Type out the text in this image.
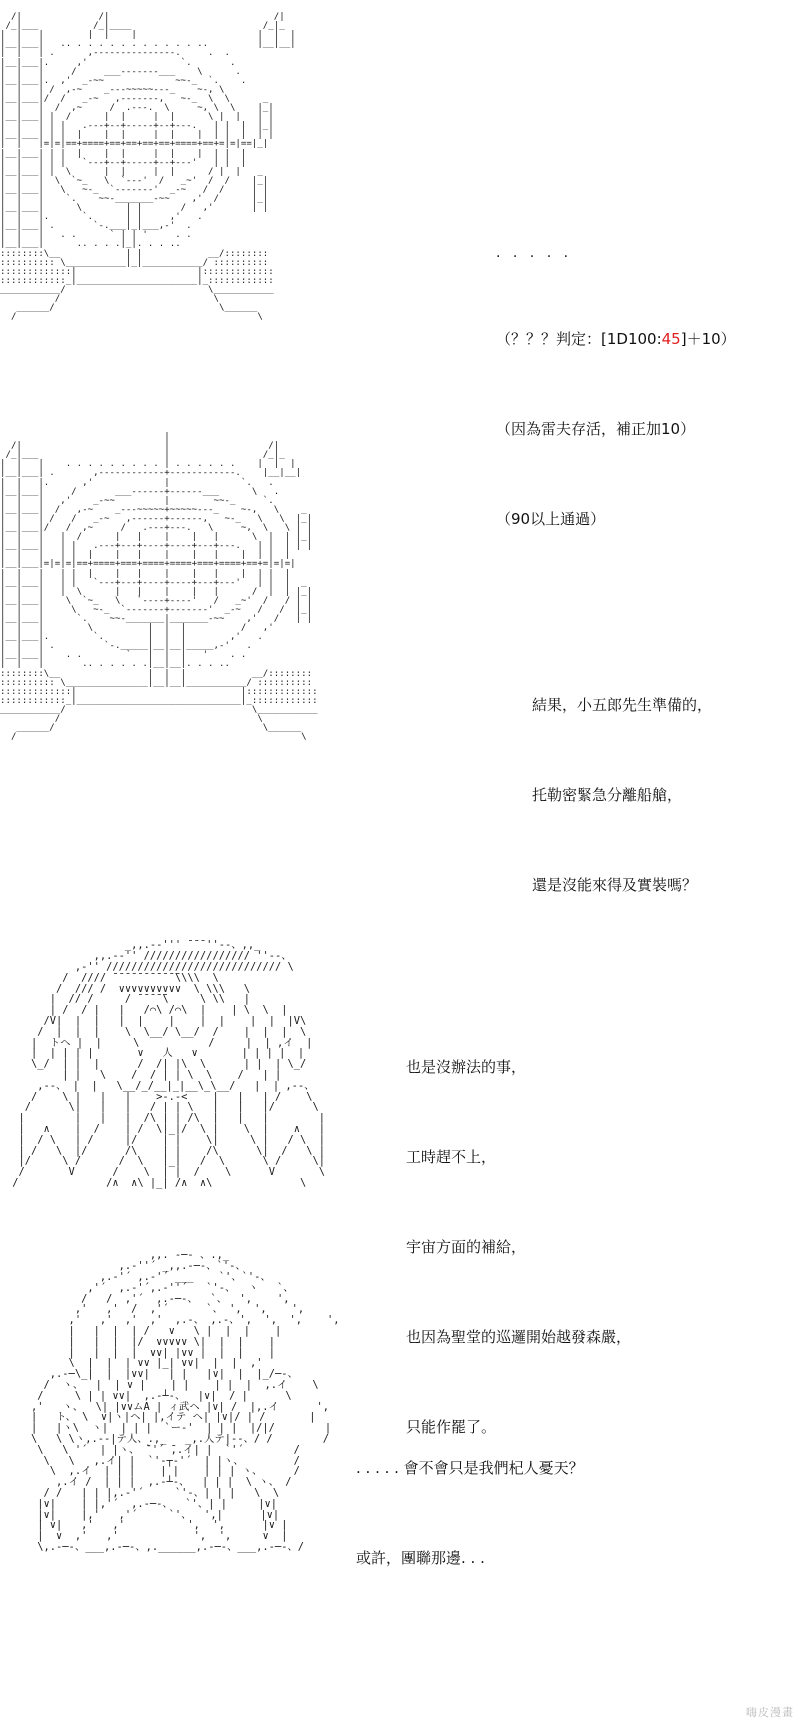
/|              /|                              /|
/_|___          /_|____                        /_|_
|  |   |        |  |    |                      |  |  |
|__|___|   .. . . . . . . . . . . . ..         |__|__|
|  |   | .      ,---------------.     .  .
|__|___|.     ,'                 `.       .
|  |   |     /     ___-------___    \      .
|__|___|.  ,'  _-~~             ~~-_  `.    .
|  |   | /  ,-~    _---~~~~~---_    ~-, \
|__|___|/  /   _-~   ,-------,   ~-_  \  \      _
|  |   |  /  ,~     /  .---.  \     ~, \  \    |_|
|__|___| |  /      |  |     |  |      \ |  |   | |
|  |   | | |   .---+--+-----+--+---.   | |  |  |_|
|__|___| | |  |    |  |     |  |    |  | |  |  | |
|  |   |=|=|==+====+==+==+==+==+====+==+=|=|==|_|
|__|___| | |  |    |  |     |  |    |  | |  |
|  |   | | |   `---+--+-----+--+---'   | |  |
|__|___| |  \      |  |     |  |      / |  |   _
|  |   |  \  `~_   \  `---'  /   _~'  /  /    |_|
|__|___|   \   ~-_  `-------'  _-~   /  /     | |
|  |   |    `.    ~~-_______-~~    ,'  /      |_|
|__|___|      \        | |       /   ,'       | |
|  |   |.      `.      | |     ,'   .
|__|___| .       `-.___|_|___,-'  .
|  |   |   . .      ` | | '     . .
|__|___|      .. . . .|_|. . . ..
::::::::\__            | |            __/::::::::
:::::::::: \___________|_|___________/ ::::::::::
:::::::::::::|                      |:::::::::::::
::::::::::::_|______________________|_::::::::::::
___________/                          \___________
/                            \
______/                              \______
/                                            \

. . . . .

（？？？判定：[1D100:45]＋10）

（因為雷夫存活，補正加10）

（90以上通過）

|
/|                          |                  /|
/_|___                       |                 /_|_
|  |   |    . . . . . . . . . | . . . . . .    |  |  |
|__|___| .       ,------------+------------.    |__|__|
|  |   |.      ,'             |             `.   .
|__|___|     /       ___------+------___      \   .
|  |   |   ,'    _-~~         |        ~~-_     `.
|__|___|  /   ,-~    _---~~~~~+~~~~~---_    ~-,   \    _
|  |   | /   /   _-~   ,------+------,   ~-_   \   \  |_|
|__|___|/   /  ,~     /   .---+---.   \     ~,  \   \ | |
|  |   |   |  /      |   |    |    |   |      \  |  | |_|
|__|___|   | |   .---+---+----+----+---+---.   | |  | | |
|  |   |   | |  |    |   |    |    |   |    |  | |  |
|__|___|=|=|=|==+====+===+====+====+===+====+==+=|=|=|
|  |   |   | |  |    |   |    |    |   |    |  | |  |
|__|___|   | |   `---+---+----+----+---+---'   | |  |  _
|  |   |   |  \      |   |    |    |   |      /  |  | |_|
|__|___|    \  `~_   \   `----+----'   /   _~'  /   / | |
|  |   |     \   ~-_  `-------+-------'  _-~   /   /  |_|
|__|___|      `.    ~~-_______|_______-~~    ,'   /   | |
|  |   |        \          |  |  |          /   ,'
|__|___|.        `.        |  |  |        ,'   .
|  |   | .         `-._____|__|__|_____,-'   .
|__|___|    . .        `   |  |  |   '    . .
|  |   |       .. . . . . .|__|__|. . . ..
::::::::\__                |  |  |            __/::::::::
:::::::::: \_______________|__|__|___________/ ::::::::::
:::::::::::::|                              |:::::::::::::
::::::::::::_|______________________________|_::::::::::::
___________/                                  \___________
/                                    \
______/                                      \______
/                                                    \

結果，小五郎先生準備的，

托勒密緊急分離船艙，

還是沒能來得及實裝嗎？

_,,.-‐''' ̄ ̄ ̄ ''‐-、,,_
,,.-‐'' ///////////////// ''‐-、
,‐'' //////////////////////////// \
/  //// ̄ ̄ ̄ ̄ ̄ ̄ ̄ ̄ ̄ ̄ ̄\\\\  \
/  /// /  ∨∨∨∨∨∨∨∨∨∨  \ \\\   \
|  // /     / ̄ ̄ ̄ ̄ ̄\     \ \\   |
| /  / |   |   /⌒\ /⌒\  |    | \  \  |
/V|  |  |   |  |    |    |  |    |  |  |V\
/  |  |  |    \  \__/ \__/  /    |  |  |  \
|  トヘ |  |     \           /     |  | ,イ  |
|  | | | |       ∨   人   ∨       | | | |  |
\_/  | |  |      /  /| |\  \      | |  | \_/
| |   \    /  / | | \  \    /   | |
,‐-、 |  |   \__/_/__|_|__\_\__/   |  | ,‐-、
/    \ |   |   |    >-.-<    |   |   | /    \
/      \|   |   |   / | | \   |   |   |/      \
|        |   |   |  /\ | | /\  |   |   |        |
|   ∧    |  /    | /  \|_|/  \ |    \  |    ∧   |
|  / \   | /     |/    | |    \|     \ |   / \  |
| /   \  |/      /\    | |    /\      \|  /   \ |
|/     \ /      /  \   |_|   /  \      \ /     \|
/       V      /    \  | |  /    \      V       \
/              /∧  ∧\ |_| /∧  ∧\              \

也是沒辦法的事，

工時趕不上，

宇宙方面的補給，

也因為聖堂的巡邏開始越發森嚴，

只能作罷了。

,,. -─- 、.,_
,.‐''´ _,,.-─-、`'‐、
,.‐'´ ,.‐'´ ___    `'、`'‐、
,'´  ,.‐'´,.-''´   `'-、  ヽ   `、
/   /  ,'´  ,.-─-、  `、  ',    ',
,'   ,'  /  ,'´      `、 ',  ',    ',
,'   ,'  ,'  ,'  ,.-、 ,.-、',  ',  ',    ',
|   |  |  | /   ∨   \ |  |  |    |
|   |  |  |/  ∨∨∨∨∨ \|  |  |    |
|   |  |  |  ∨∨| |∨∨ |  |  |    |
\  |  |  | ∨∨ |_| ∨∨|  |  |  ,'
,.-─\_|  |  |∨∨|   | |   |∨|  |  |_/─-、
/  ヽ、  |  | ∨ |    | |    | |  |  ,.イ    \
/     \ | | ∨∨|  ,.-┴-、  |∨|  / |      \
,'   ヽ、  \| |∨∨ムA | ィ武ヘ |∨| /  |,.イ      ',
|   ト、 \  ∨|ヽ|ヘ| |,イテ ヘ| |∨|/ | /       |
|   |ヽ\  ヽ|  | | |  `ー‐'  | | |  |/|/        |
\   \ \ヽ,.-‐|テ人、.,_   _,.人テ|‐-、/ /        /
\   \ '´  | |ヽ、 ̄`'´ ̄,.イ| |  `'´        /
\   \   ,.イ| |  `'‐┬‐'´  | |ヽ、        /
\  ,.イ  | | |    | |    | | | ヽ、     /
,.イ /  | | |  ,.-┴-、  | | |  \ ヽ、 /
/ /   | | |,.‐'´     `'‐、| | |   \  \
|∨|    | |,'´  ,.-─-、  `'、| |     |∨|
|∨|    |,'   ,'´     `'、  ',|      |∨|
| ∨|   ,'   ,'          ',  ',      |∨ |
|  ∨  ,'   ,'            ',  ',     ∨  |
\,.-─-、___,.-─-、,.______,.-─-、___,.-─-、/

. . . . . 會不會只是我們杞人憂天？

或許，團聯那邊. . .

嗨皮漫畫
